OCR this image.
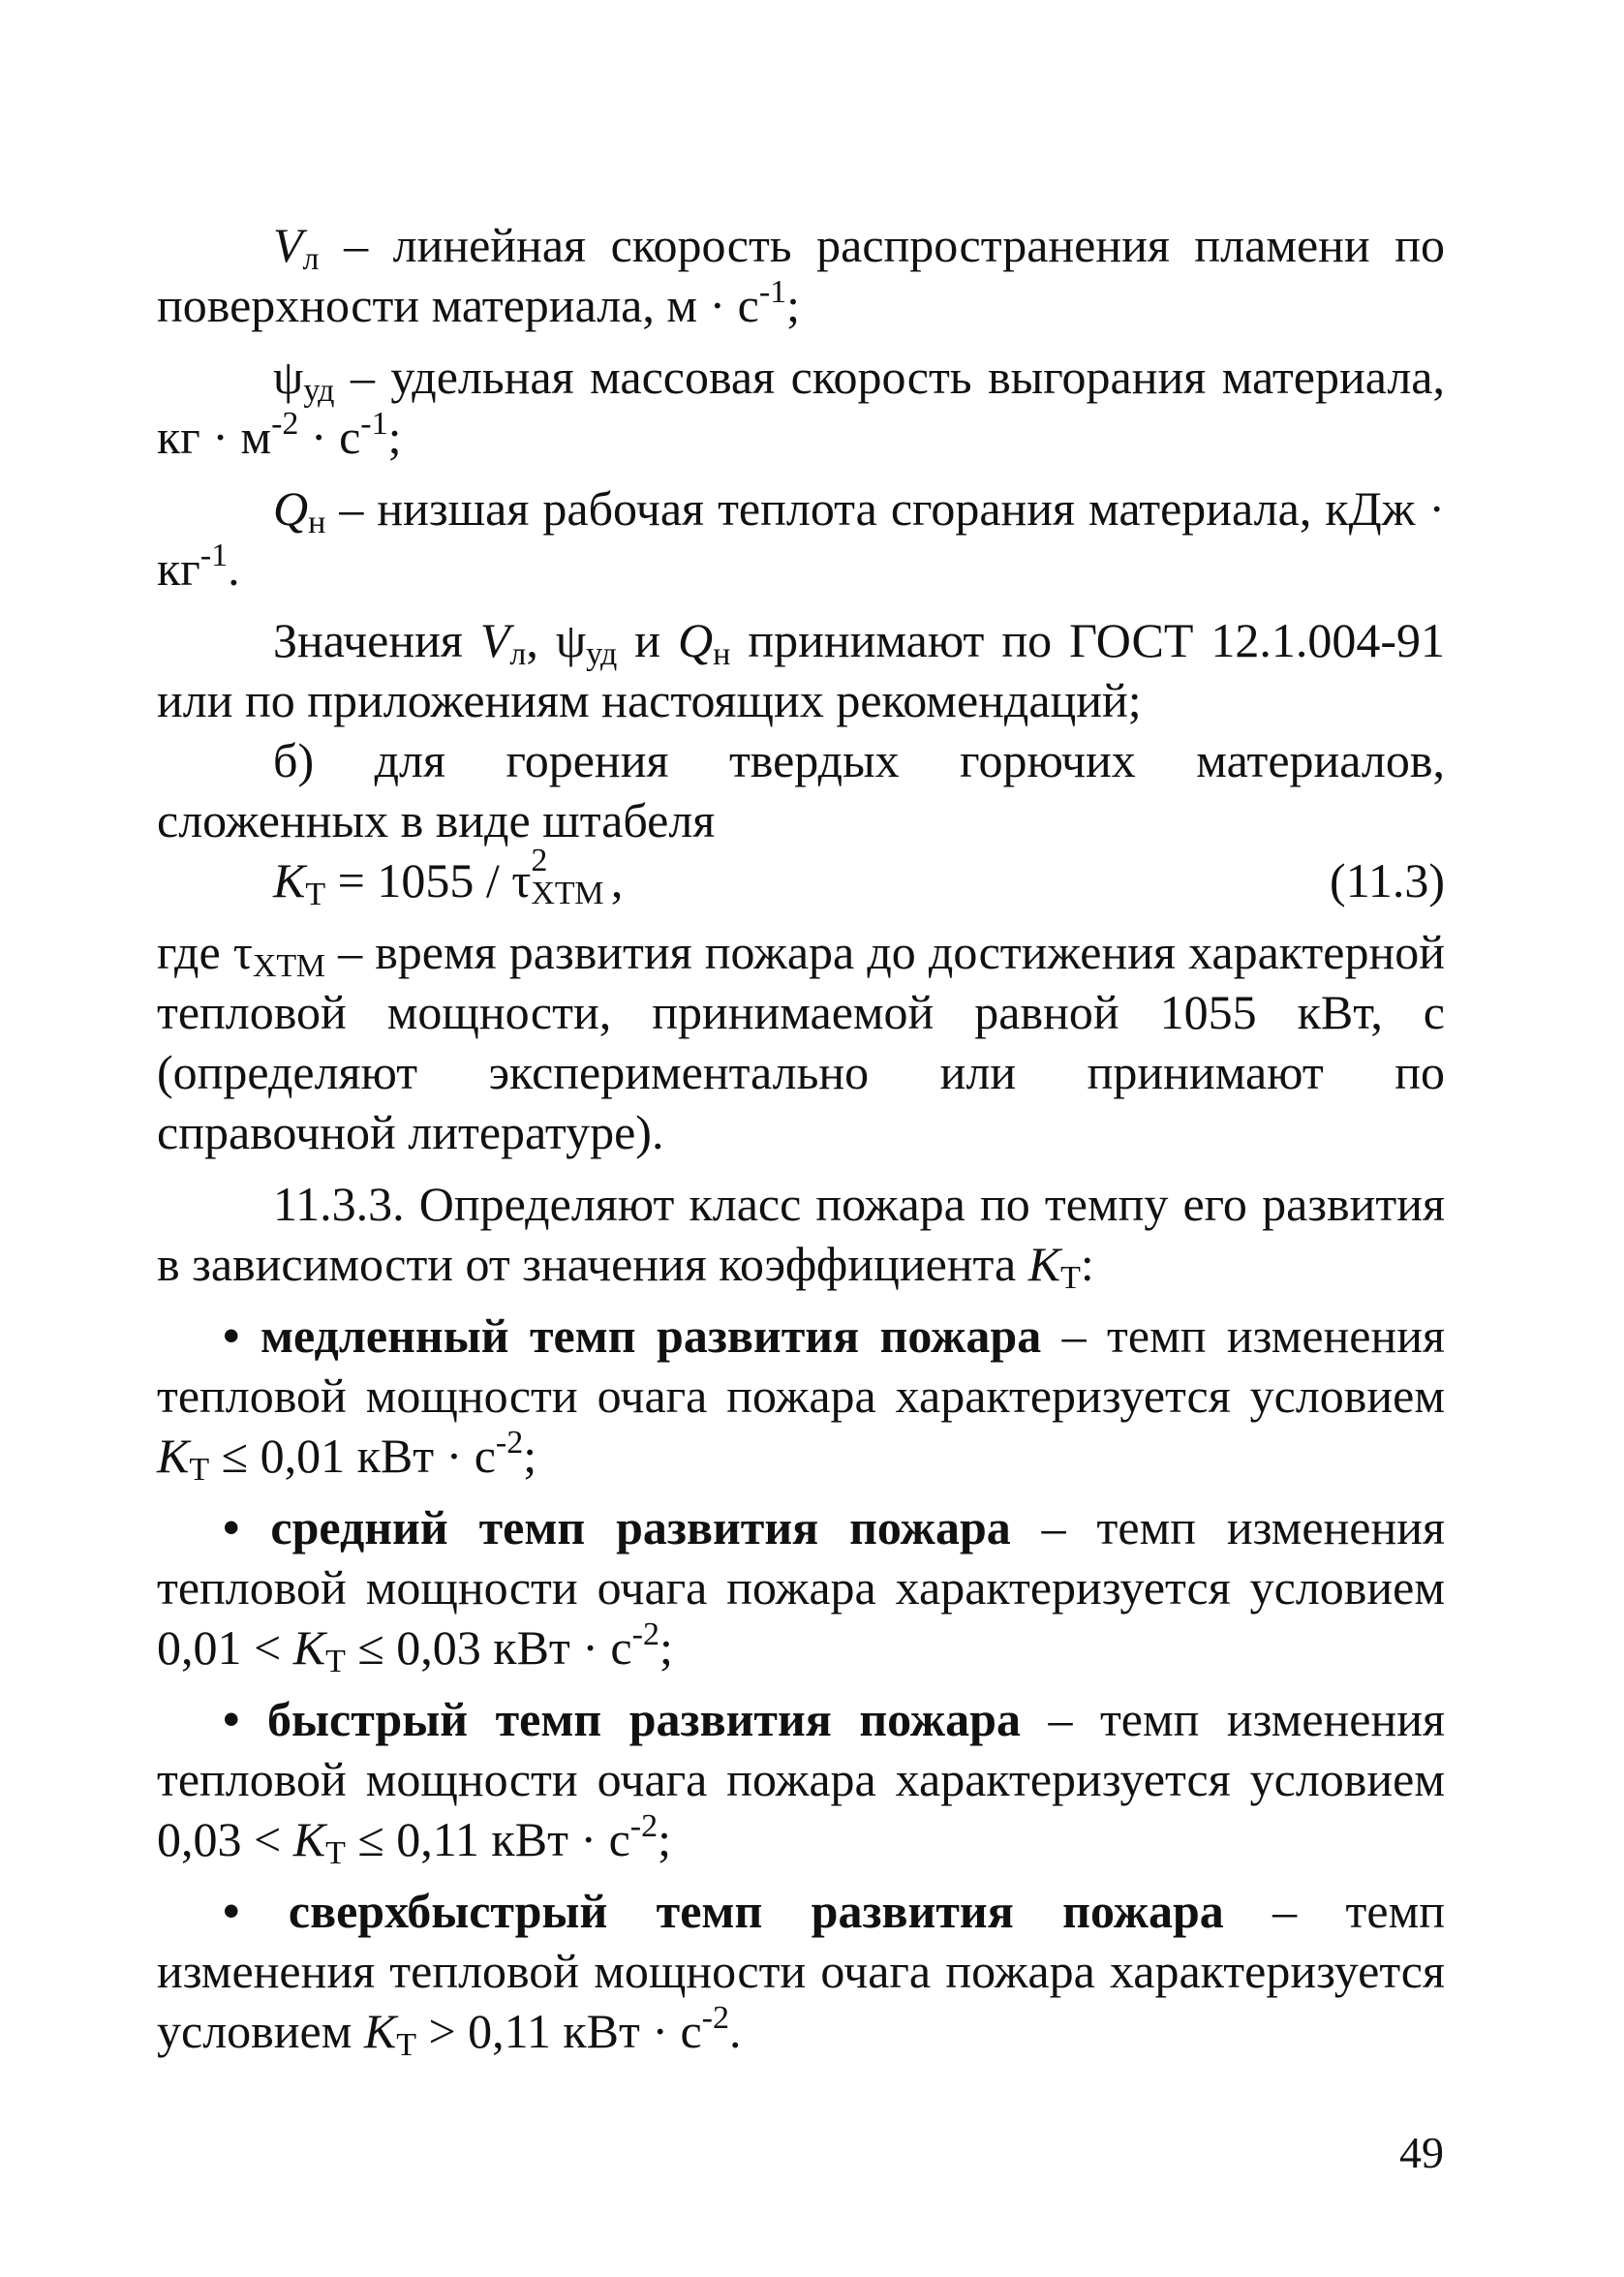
$V_л$ – линейная скорость распространения пламени по поверхности материала, $м \cdot с^{-1}$;

$\psi_{уд}$ – удельная массовая скорость выгорания материала, кг · $м^{-2} \cdot с^{-1}$;

$Q_н$ – низшая рабочая теплота сгорания материала, кДж · $кг^{-1}$.

Значения $V_л$, $\psi_{уд}$ и $Q_н$ принимают по ГОСТ 12.1.004-91 или по приложениям настоящих рекомендаций;

б) для горения твердых горючих материалов, сложенных в виде штабеля

$K_Т = 1055 / \tau$ 2
ХТМ
,	(11.3)

где $\tau_{ХТМ}$ – время развития пожара до достижения характерной тепловой мощности, принимаемой равной 1055 кВт, с (определяют экспериментально или принимают по справочной литературе).

11.3.3. Определяют класс пожара по темпу его развития в зависимости от значения коэффициента $K_Т$:

• медленный темп развития пожара – темп изменения тепловой мощности очага пожара характеризуется условием $K_Т \le 0,01$ кВт · $с^{-2}$;

• средний темп развития пожара – темп изменения тепловой мощности очага пожара характеризуется условием $0,01 < K_Т \le 0,03$ кВт · $с^{-2}$;

• быстрый темп развития пожара – темп изменения тепловой мощности очага пожара характеризуется условием $0,03 < K_Т \le 0,11$ кВт · $с^{-2}$;

• сверхбыстрый темп развития пожара – темп изменения тепловой мощности очага пожара характеризуется условием $K_Т > 0,11$ кВт · $с^{-2}$.

49
